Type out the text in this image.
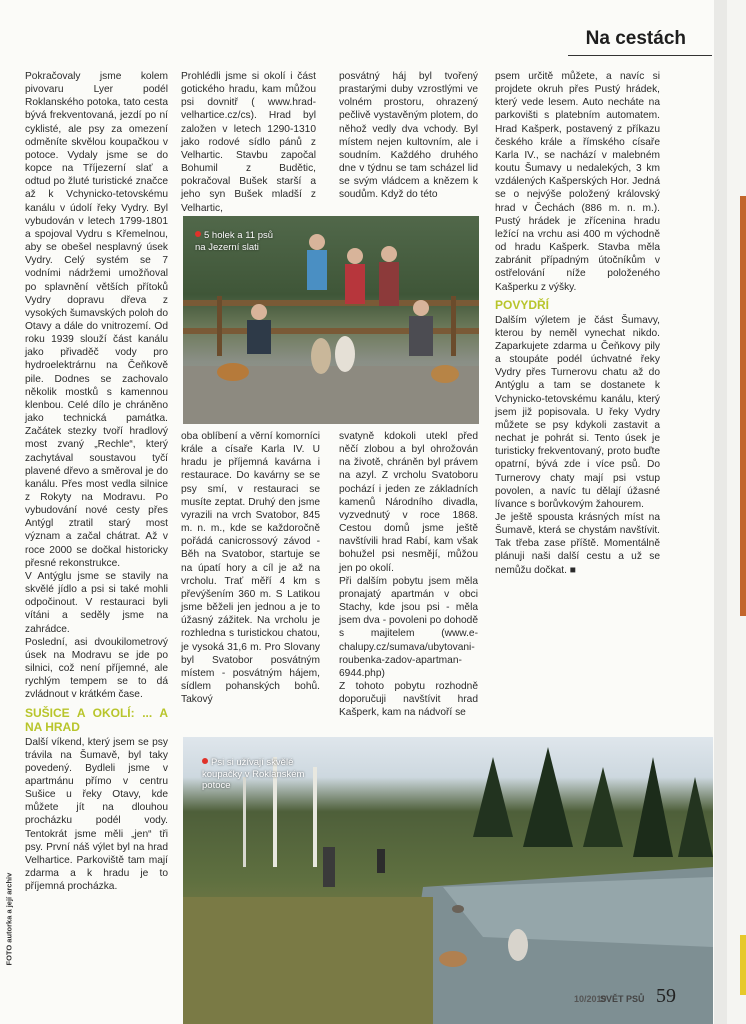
Na cestách

Pokračovaly jsme kolem pivovaru Lyer podél Roklanského potoka, tato cesta bývá frekventovaná, jezdí po ní cyklisté, ale psy za omezení odměníte skvělou koupačkou v potoce. Vydaly jsme se do kopce na Tříjezerní slať a odtud po žluté turistické značce až k Vchynicko-tetovskému kanálu v údolí řeky Vydry. Byl vybudován v letech 1799-1801 a spojoval Vydru s Křemelnou, aby se obešel nesplavný úsek Vydry. Celý systém se 7 vodními nádržemi umožňoval po splavnění větších přítoků Vydry dopravu dřeva z vysokých šumavských poloh do Otavy a dále do vnitrozemí. Od roku 1939 slouží část kanálu jako přivaděč vody pro hydroelektrárnu na Čeňkově pile. Dodnes se zachovalo několik mostků s kamennou klenbou. Celé dílo je chráněno jako technická památka. Začátek stezky tvoří hradlový most zvaný „Rechle“, který zachytával soustavou tyčí plavené dřevo a směroval je do kanálu. Přes most vedla silnice z Rokyty na Modravu. Po vybudování nové cesty přes Antýgl ztratil starý most význam a začal chátrat. Až v roce 2000 se dočkal historicky přesné rekonstrukce.

V Antýglu jsme se stavily na skvělé jídlo a psi si také mohli odpočinout. V restauraci byli vítáni a seděly jsme na zahrádce.

Poslední, asi dvoukilometrový úsek na Modravu se jde po silnici, což není příjemné, ale rychlým tempem se to dá zvládnout v krátkém čase.

SUŠICE A OKOLÍ: ... A NA HRAD

Další víkend, který jsem se psy trávila na Šumavě, byl taky povedený. Bydleli jsme v apartmánu přímo v centru Sušice u řeky Otavy, kde můžete jít na dlouhou procházku podél vody. Tentokrát jsme měli „jen“ tři psy. První náš výlet byl na hrad Velhartice. Parkoviště tam mají zdarma a k hradu je to příjemná procházka.

Prohlédli jsme si okolí i část gotického hradu, kam můžou psi dovnitř ( www.hrad-velhartice.cz/cs). Hrad byl založen v letech 1290-1310 jako rodové sídlo pánů z Velhartic. Stavbu započal Bohumil z Budětic, pokračoval Bušek starší a jeho syn Bušek mladší z Velhartic,

oba oblíbení a věrní komorníci krále a císaře Karla IV. U hradu je příjemná kavárna i restaurace. Do kavárny se se psy smí, v restauraci se musíte zeptat. Druhý den jsme vyrazili na vrch Svatobor, 845 m. n. m., kde se každoročně pořádá canicrossový závod - Běh na Svatobor, startuje se na úpatí hory a cíl je až na vrcholu. Trať měří 4 km s převýšením 360 m. S Latikou jsme běželi jen jednou a je to úžasný zážitek. Na vrcholu je rozhledna s turistickou chatou, je vysoká 31,6 m. Pro Slovany byl Svatobor posvátným místem - posvátným hájem, sídlem pohanských bohů. Takový

posvátný háj byl tvořený prastarými duby vzrostlými ve volném prostoru, ohrazený pečlivě vystavěným plotem, do něhož vedly dva vchody. Byl místem nejen kultovním, ale i soudním. Každého druhého dne v týdnu se tam scházel lid se svým vládcem a knězem k soudům. Když do této

svatyně kdokoli utekl před něčí zlobou a byl ohrožován na životě, chráněn byl právem na azyl. Z vrcholu Svatoboru pochází i jeden ze základních kamenů Národního divadla, vyzvednutý v roce 1868. Cestou domů jsme ještě navštívili hrad Rabí, kam však bohužel psi nesmějí, můžou jen po okolí.

Při dalším pobytu jsem měla pronajatý apartmán v obci Stachy, kde jsou psi - měla jsem dva - povoleni po dohodě s majitelem (www.e-chalupy.cz/sumava/ubytovani-roubenka-zadov-apartman-6944.php)

Z tohoto pobytu rozhodně doporučuji navštívit hrad Kašperk, kam na nádvoří se

psem určitě můžete, a navíc si projdete okruh přes Pustý hrádek, který vede lesem. Auto necháte na parkovišti s platebním automatem. Hrad Kašperk, postavený z příkazu českého krále a římského císaře Karla IV., se nachází v malebném koutu Šumavy u nedalekých, 3 km vzdálených Kašperských Hor. Jedná se o nejvýše položený královský hrad v Čechách (886 m. n. m.). Pustý hrádek je zřícenina hradu ležící na vrchu asi 400 m východně od hradu Kašperk. Stavba měla zabránit případným útočníkům v ostřelování níže položeného Kašperku z výšky.

POVYDŘÍ

Dalším výletem je část Šumavy, kterou by neměl vynechat nikdo. Zaparkujete zdarma u Čeňkovy pily a stoupáte podél úchvatné řeky Vydry přes Turnerovu chatu až do Antýglu a tam se dostanete k Vchynicko-tetovskému kanálu, který jsem již popisovala. U řeky Vydry můžete se psy kdykoli zastavit a nechat je pohrát si. Tento úsek je turisticky frekventovaný, proto buďte opatrní, bývá zde i více psů. Do Turnerovy chaty mají psi vstup povolen, a navíc tu dělají úžasné lívance s borůvkovým žahourem.

Je ještě spousta krásných míst na Šumavě, která se chystám navštívit. Tak třeba zase příště. Momentálně plánuji naši další cestu a už se nemůžu dočkat. ■

5 holek a 11 psů na Jezerní slati
Psi si užívají skvělé koupačky v Roklanském potoce
FOTO autorka a její archiv
10/2019
SVĚT PSŮ 59
